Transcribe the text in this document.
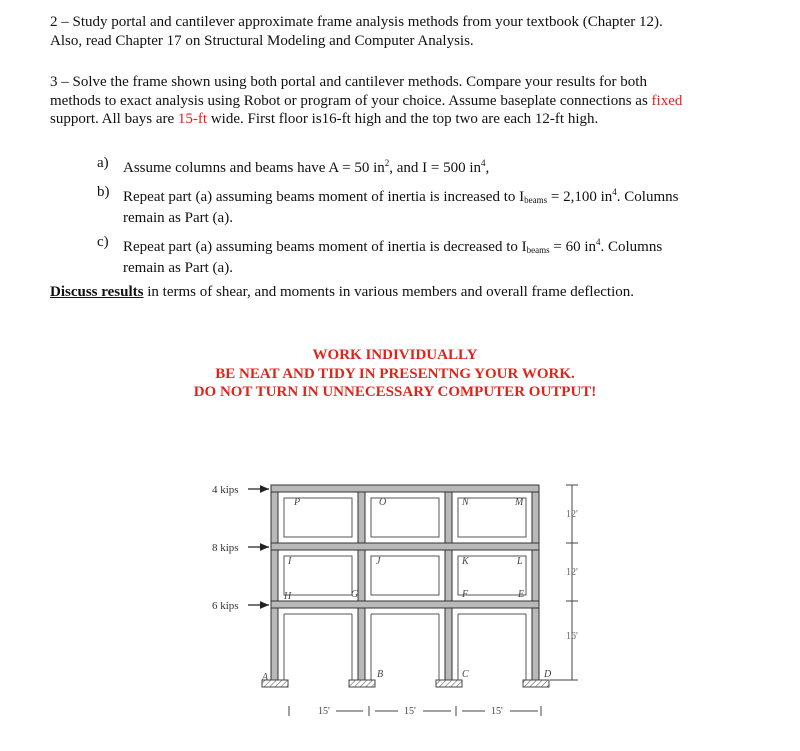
2 – Study portal and cantilever approximate frame analysis methods from your textbook (Chapter 12).
Also, read Chapter 17 on Structural Modeling and Computer Analysis.
3 – Solve the frame shown using both portal and cantilever methods. Compare your results for both
methods to exact analysis using Robot or program of your choice. Assume baseplate connections as fixed
support. All bays are 15-ft wide. First floor is16-ft high and the top two are each 12-ft high.
a) Assume columns and beams have A = 50 $in^2$, and I = 500 $in^4$,
b) Repeat part (a) assuming beams moment of inertia is increased to $I_{beams} = 2,100$ $in^4$. Columns
remain as Part (a).
c) Repeat part (a) assuming beams moment of inertia is decreased to $I_{beams} = 60$ $in^4$. Columns
remain as Part (a).
Discuss results in terms of shear, and moments in various members and overall frame deflection.
WORK INDIVIDUALLY
BE NEAT AND TIDY IN PRESENTNG YOUR WORK.
DO NOT TURN IN UNNECESSARY COMPUTER OUTPUT!
4 kips
8 kips
6 kips
P	O	N	M
I	J	K	L
H	G	F	E
A	B	C	D
12'
12'
16'
15'	15'	15'
